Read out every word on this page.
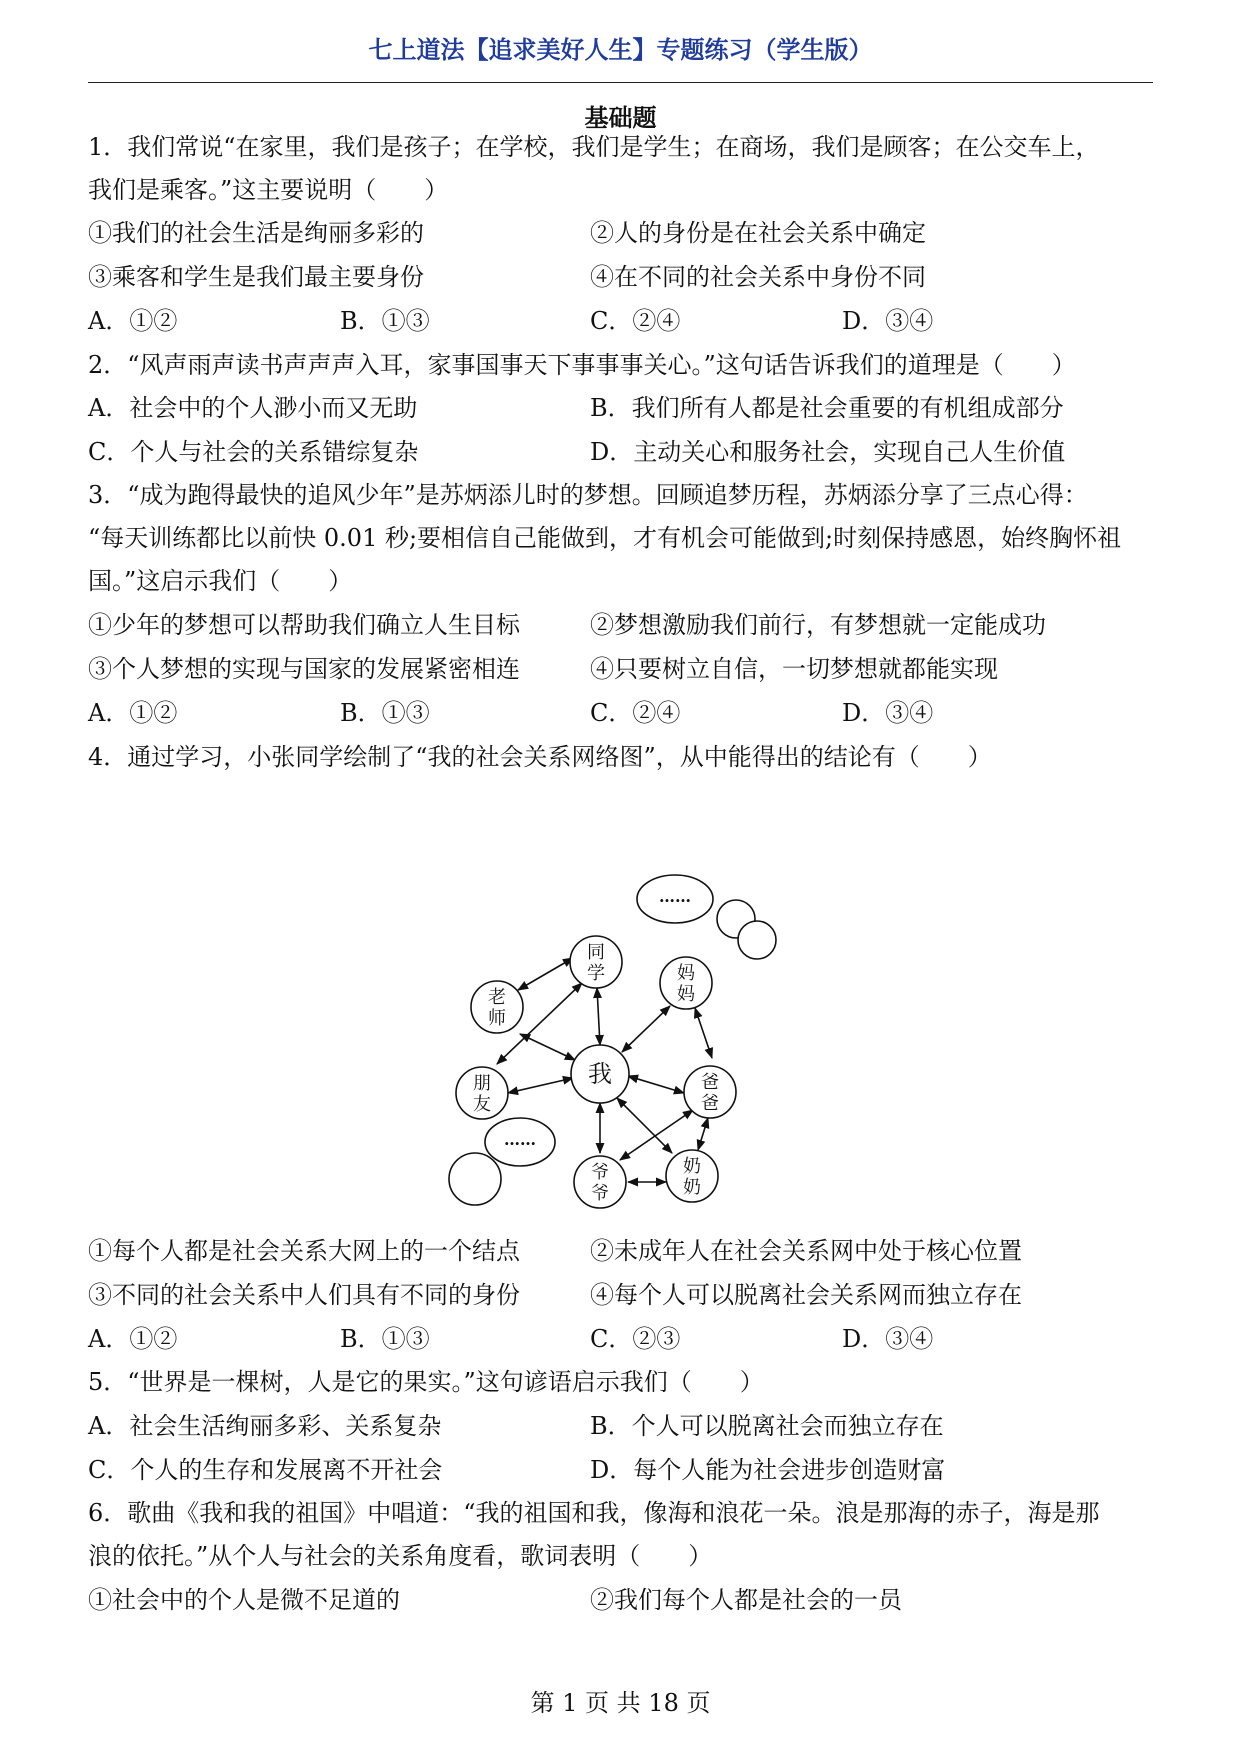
七上道法【追求美好人生】专题练习（学生版）
基础题
1．我们常说“在家里，我们是孩子；在学校，我们是学生；在商场，我们是顾客；在公交车上，
我们是乘客。”这主要说明（　　）
①我们的社会生活是绚丽多彩的	②人的身份是在社会关系中确定
③乘客和学生是我们最主要身份	④在不同的社会关系中身份不同
A．①②	B．①③	C．②④	D．③④
2．“风声雨声读书声声声入耳，家事国事天下事事事关心。”这句话告诉我们的道理是（　　）
A．社会中的个人渺小而又无助	B．我们所有人都是社会重要的有机组成部分
C．个人与社会的关系错综复杂	D．主动关心和服务社会，实现自己人生价值
3．“成为跑得最快的追风少年”是苏炳添儿时的梦想。回顾追梦历程，苏炳添分享了三点心得：
“每天训练都比以前快 0.01 秒;要相信自己能做到，才有机会可能做到;时刻保持感恩，始终胸怀祖
国。”这启示我们（　　）
①少年的梦想可以帮助我们确立人生目标	②梦想激励我们前行，有梦想就一定能成功
③个人梦想的实现与国家的发展紧密相连	④只要树立自信，一切梦想就都能实现
A．①②	B．①③	C．②④	D．③④
4．通过学习，小张同学绘制了“我的社会关系网络图”，从中能得出的结论有（　　）
……
……
同
学
老
师
朋
友
我
妈
妈
爸
爸
爷
爷
奶
奶
①每个人都是社会关系大网上的一个结点	②未成年人在社会关系网中处于核心位置
③不同的社会关系中人们具有不同的身份	④每个人可以脱离社会关系网而独立存在
A．①②	B．①③	C．②③	D．③④
5．“世界是一棵树，人是它的果实。”这句谚语启示我们（　　）
A．社会生活绚丽多彩、关系复杂	B．个人可以脱离社会而独立存在
C．个人的生存和发展离不开社会	D．每个人能为社会进步创造财富
6．歌曲《我和我的祖国》中唱道：“我的祖国和我，像海和浪花一朵。浪是那海的赤子，海是那
浪的依托。”从个人与社会的关系角度看，歌词表明（　　）
①社会中的个人是微不足道的	②我们每个人都是社会的一员
第 1 页 共 18 页
